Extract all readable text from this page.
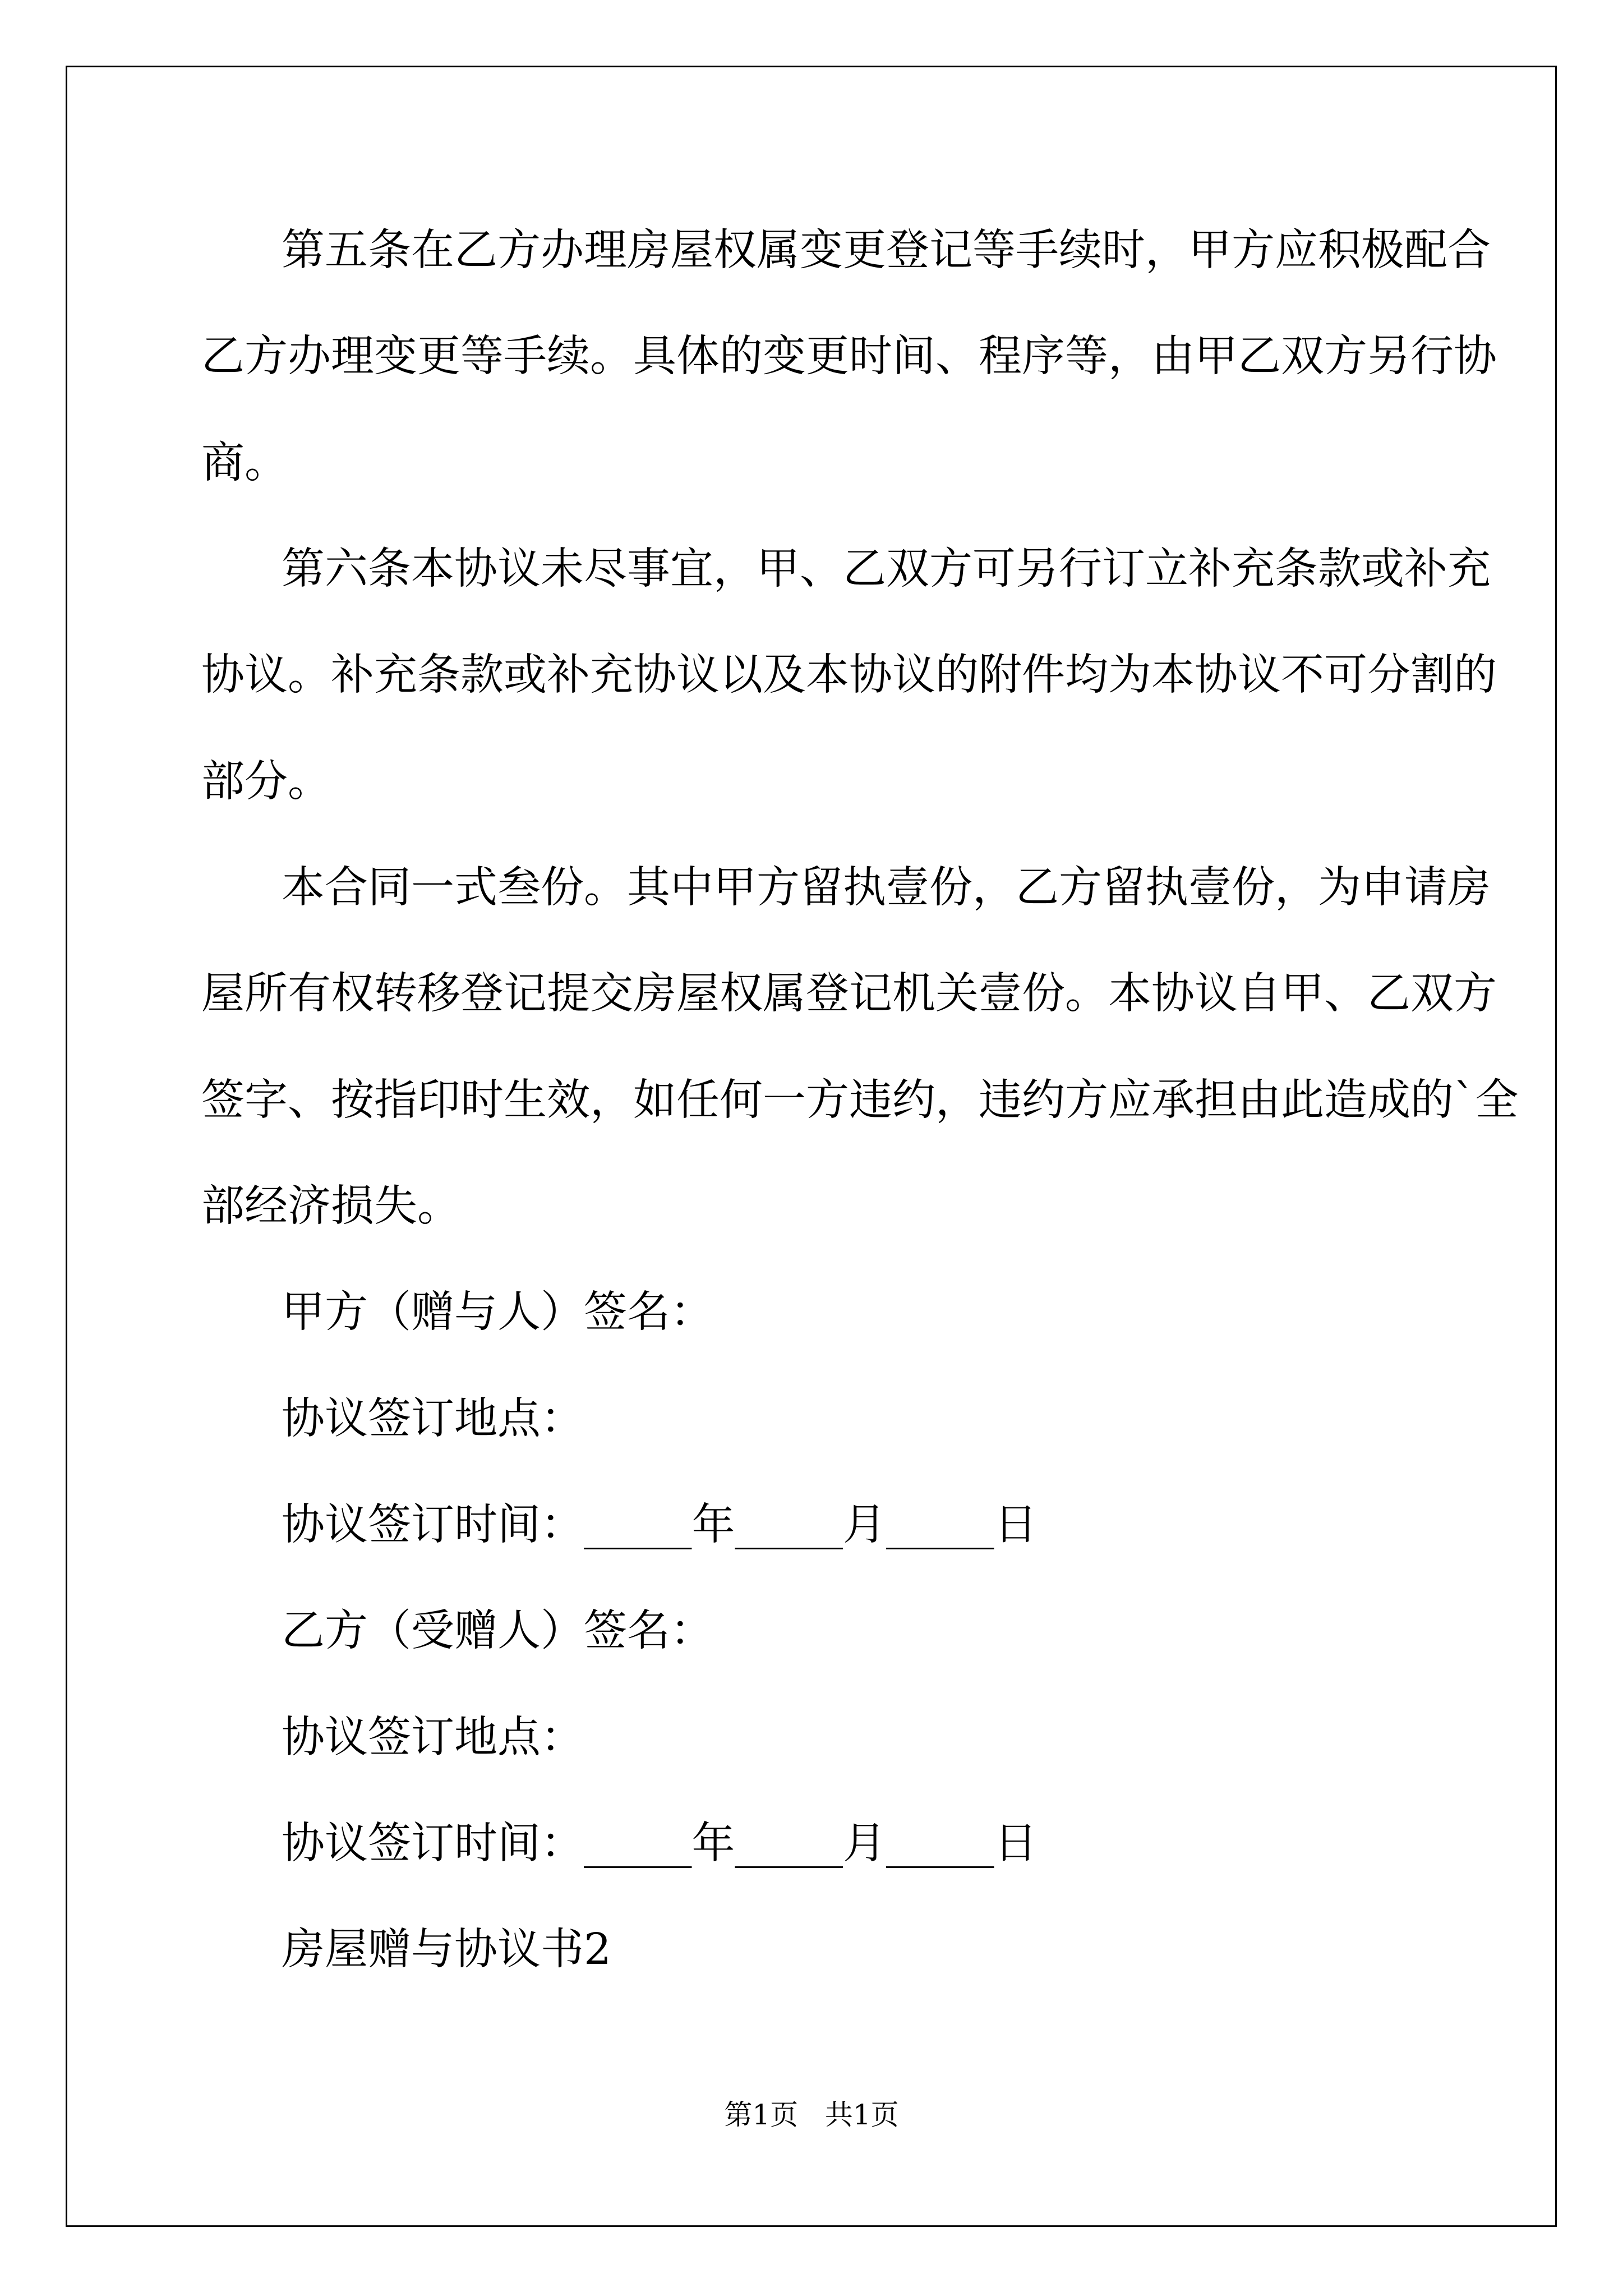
第五条在乙方办理房屋权属变更登记等手续时，甲方应积极配合
乙方办理变更等手续。具体的变更时间、程序等，由甲乙双方另行协
商。
第六条本协议未尽事宜，甲、乙双方可另行订立补充条款或补充
协议。补充条款或补充协议以及本协议的附件均为本协议不可分割的
部分。
本合同一式叁份。其中甲方留执壹份，乙方留执壹份，为申请房
屋所有权转移登记提交房屋权属登记机关壹份。本协议自甲、乙双方
签字、按指印时生效，如任何一方违约，违约方应承担由此造成的`全
部经济损失。
甲方（赠与人）签名：
协议签订地点：
协议签订时间：_____年_____月_____日
乙方（受赠人）签名：
协议签订地点：
协议签订时间：_____年_____月_____日
房屋赠与协议书2
第1页   共1页
